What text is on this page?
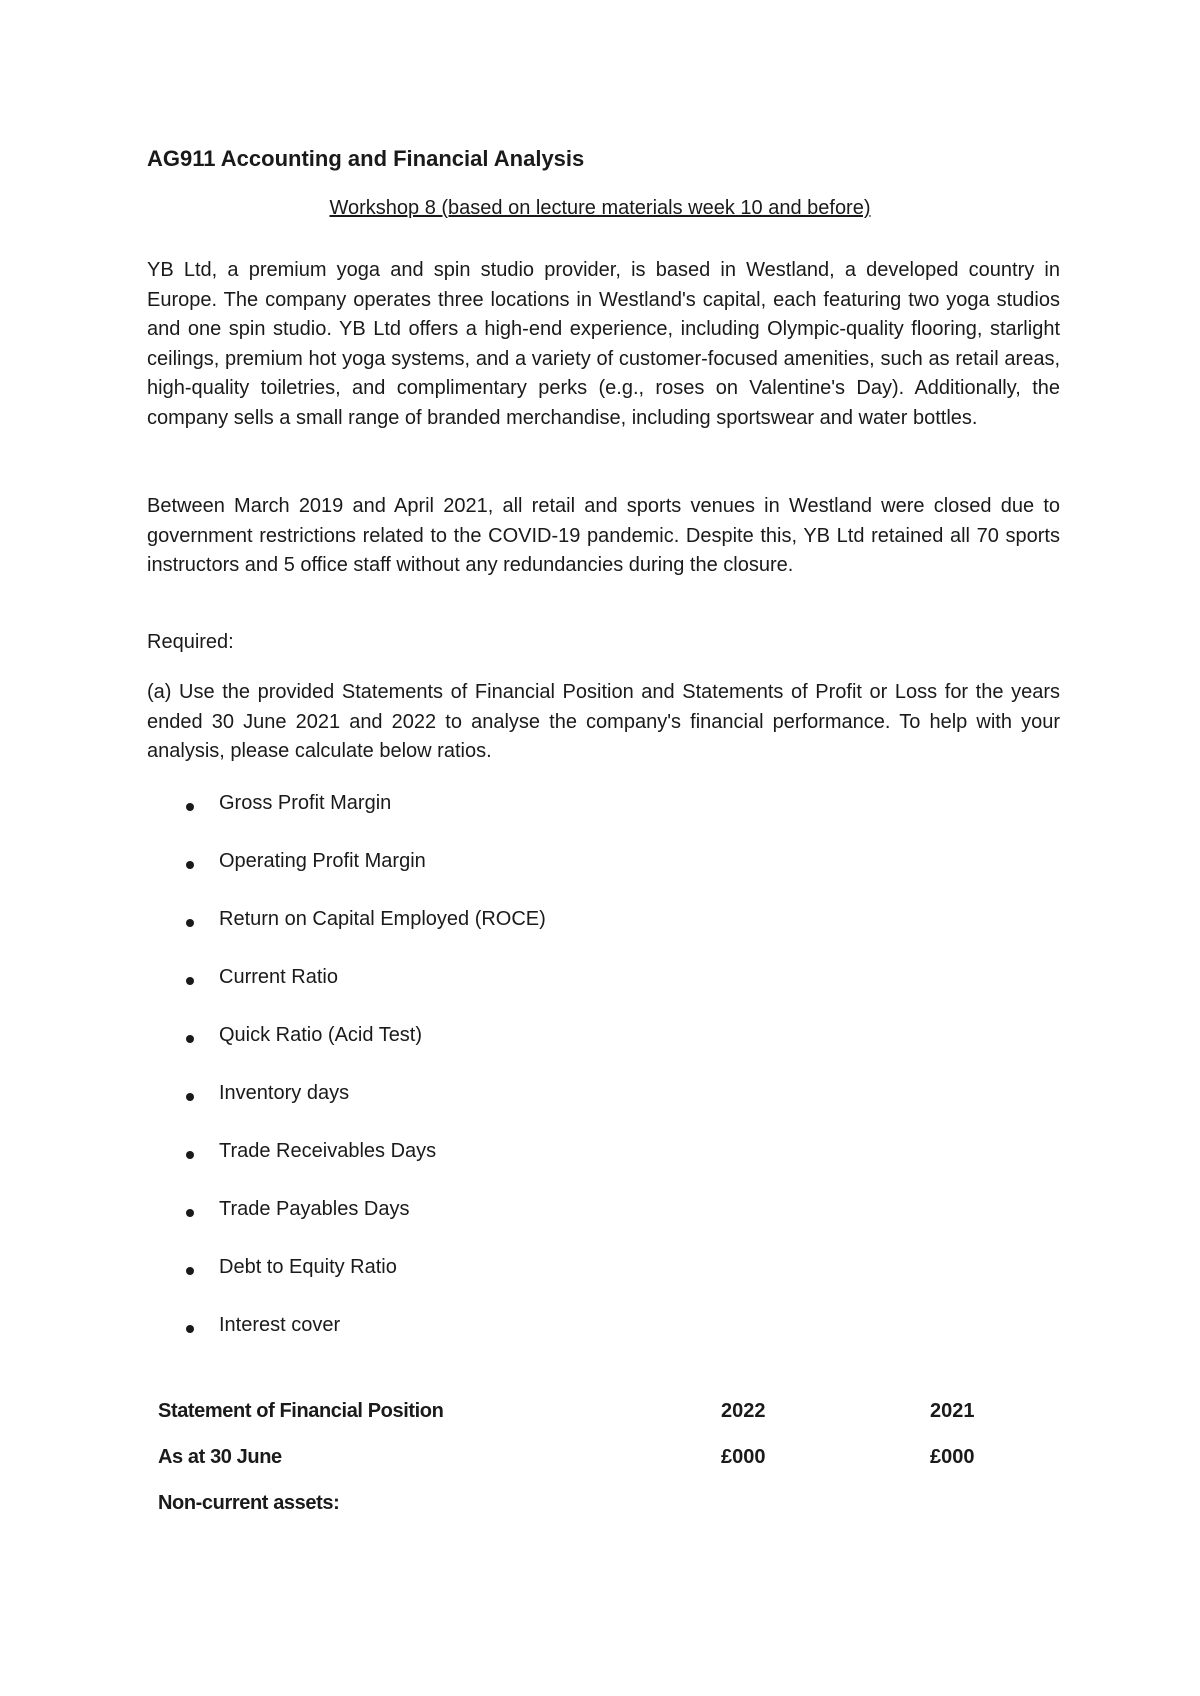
AG911 Accounting and Financial Analysis

Workshop 8 (based on lecture materials week 10 and before)

YB Ltd, a premium yoga and spin studio provider, is based in Westland, a developed country in Europe. The company operates three locations in Westland's capital, each featuring two yoga studios and one spin studio. YB Ltd offers a high-end experience, including Olympic-quality flooring, starlight ceilings, premium hot yoga systems, and a variety of customer-focused amenities, such as retail areas, high-quality toiletries, and complimentary perks (e.g., roses on Valentine's Day). Additionally, the company sells a small range of branded merchandise, including sportswear and water bottles.

Between March 2019 and April 2021, all retail and sports venues in Westland were closed due to government restrictions related to the COVID-19 pandemic. Despite this, YB Ltd retained all 70 sports instructors and 5 office staff without any redundancies during the closure.

Required:

(a) Use the provided Statements of Financial Position and Statements of Profit or Loss for the years ended 30 June 2021 and 2022 to analyse the company's financial performance. To help with your analysis, please calculate below ratios.

Gross Profit Margin
Operating Profit Margin
Return on Capital Employed (ROCE)
Current Ratio
Quick Ratio (Acid Test)
Inventory days
Trade Receivables Days
Trade Payables Days
Debt to Equity Ratio
Interest cover
Statement of Financial Position	2022	2021
As at 30 June	£000	£000
Non-current assets:
